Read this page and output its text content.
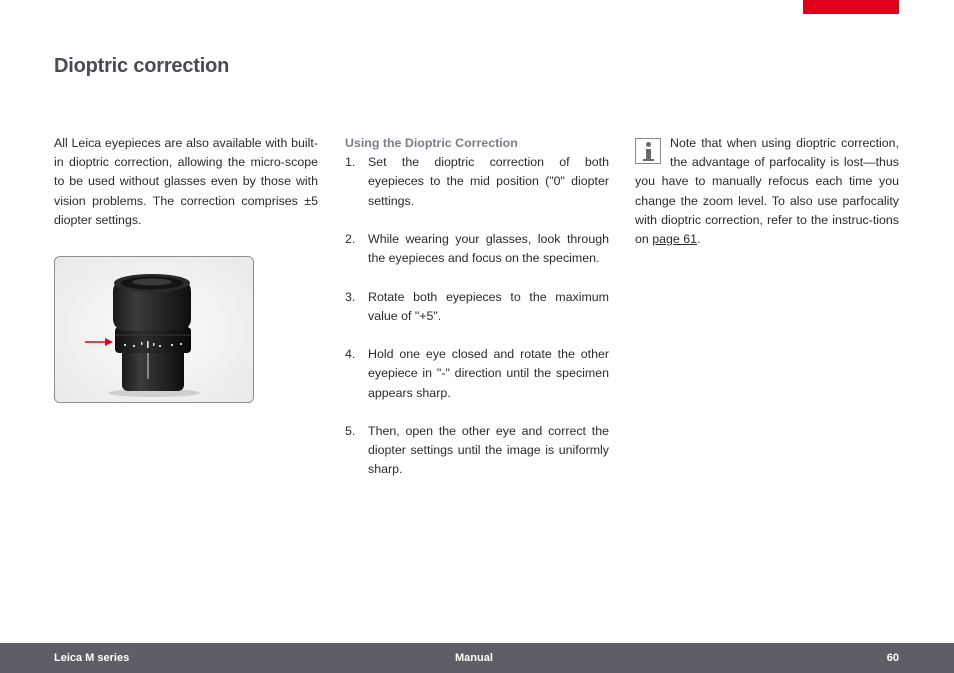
Dioptric correction

All Leica eyepieces are also available with built-in dioptric correction, allowing the micro-scope to be used without glasses even by those with vision problems. The correction comprises ±5 diopter settings.

Using the Dioptric Correction
1. Set the dioptric correction of both eyepieces to the mid position ("0" diopter settings.
2. While wearing your glasses, look through the eyepieces and focus on the specimen.
3. Rotate both eyepieces to the maximum value of "+5".
4. Hold one eye closed and rotate the other eyepiece in "-" direction until the specimen appears sharp.
5. Then, open the other eye and correct the diopter settings until the image is uniformly sharp.
Note that when using dioptric correction, the advantage of parfocality is lost—thus you have to manually refocus each time you change the zoom level. To also use parfocality with dioptric correction, refer to the instruc-tions on page 61.
Leica M series	Manual	60
